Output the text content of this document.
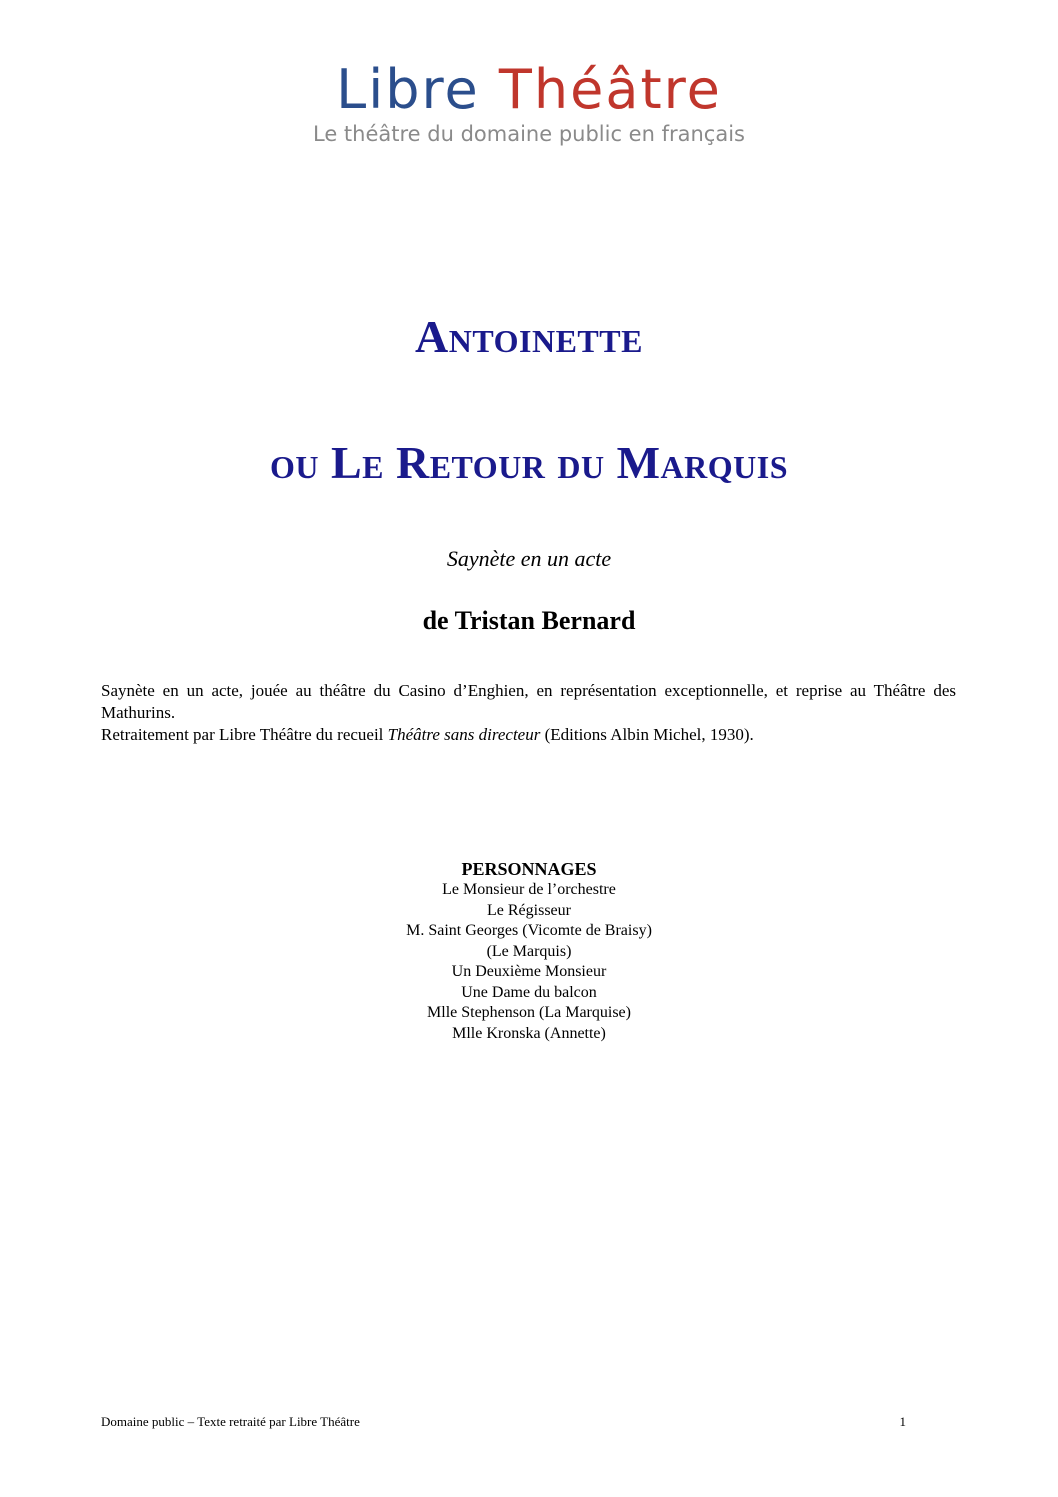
Libre Théâtre
Le théâtre du domaine public en français
Antoinette
ou Le Retour du Marquis
Saynète en un acte
de Tristan Bernard

Saynète en un acte, jouée au théâtre du Casino d’Enghien, en représentation exceptionnelle, et reprise au Théâtre des Mathurins.

Retraitement par Libre Théâtre du recueil Théâtre sans directeur (Editions Albin Michel, 1930).

PERSONNAGES
Le Monsieur de l’orchestre
Le Régisseur
M. Saint Georges (Vicomte de Braisy)
(Le Marquis)
Un Deuxième Monsieur
Une Dame du balcon
Mlle Stephenson (La Marquise)
Mlle Kronska (Annette)
Domaine public – Texte retraité par Libre Théâtre	1
